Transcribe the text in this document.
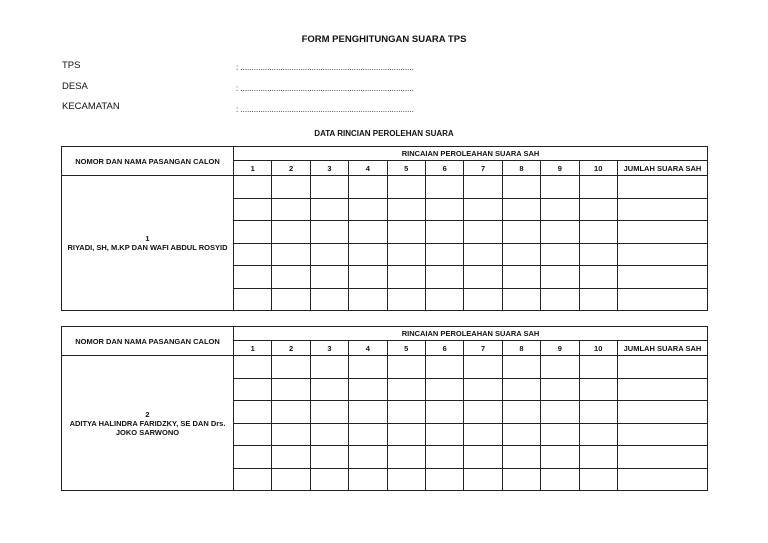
FORM PENGHITUNGAN SUARA TPS
TPS	: ..............................................................................
DESA	: ..............................................................................
KECAMATAN	: ..............................................................................
DATA RINCIAN PEROLEHAN SUARA
NOMOR DAN NAMA PASANGAN CALON	RINCAIAN PEROLEAHAN SUARA SAH										
	1	2	3	4	5	6	7	8	9	10	JUMLAH SUARA SAH

1
RIYADI, SH, M.KP DAN WAFI ABDUL ROSYID											

NOMOR DAN NAMA PASANGAN CALON	RINCAIAN PEROLEAHAN SUARA SAH										
	1	2	3	4	5	6	7	8	9	10	JUMLAH SUARA SAH

2
ADITYA HALINDRA FARIDZKY, SE DAN Drs. JOKO SARWONO											
